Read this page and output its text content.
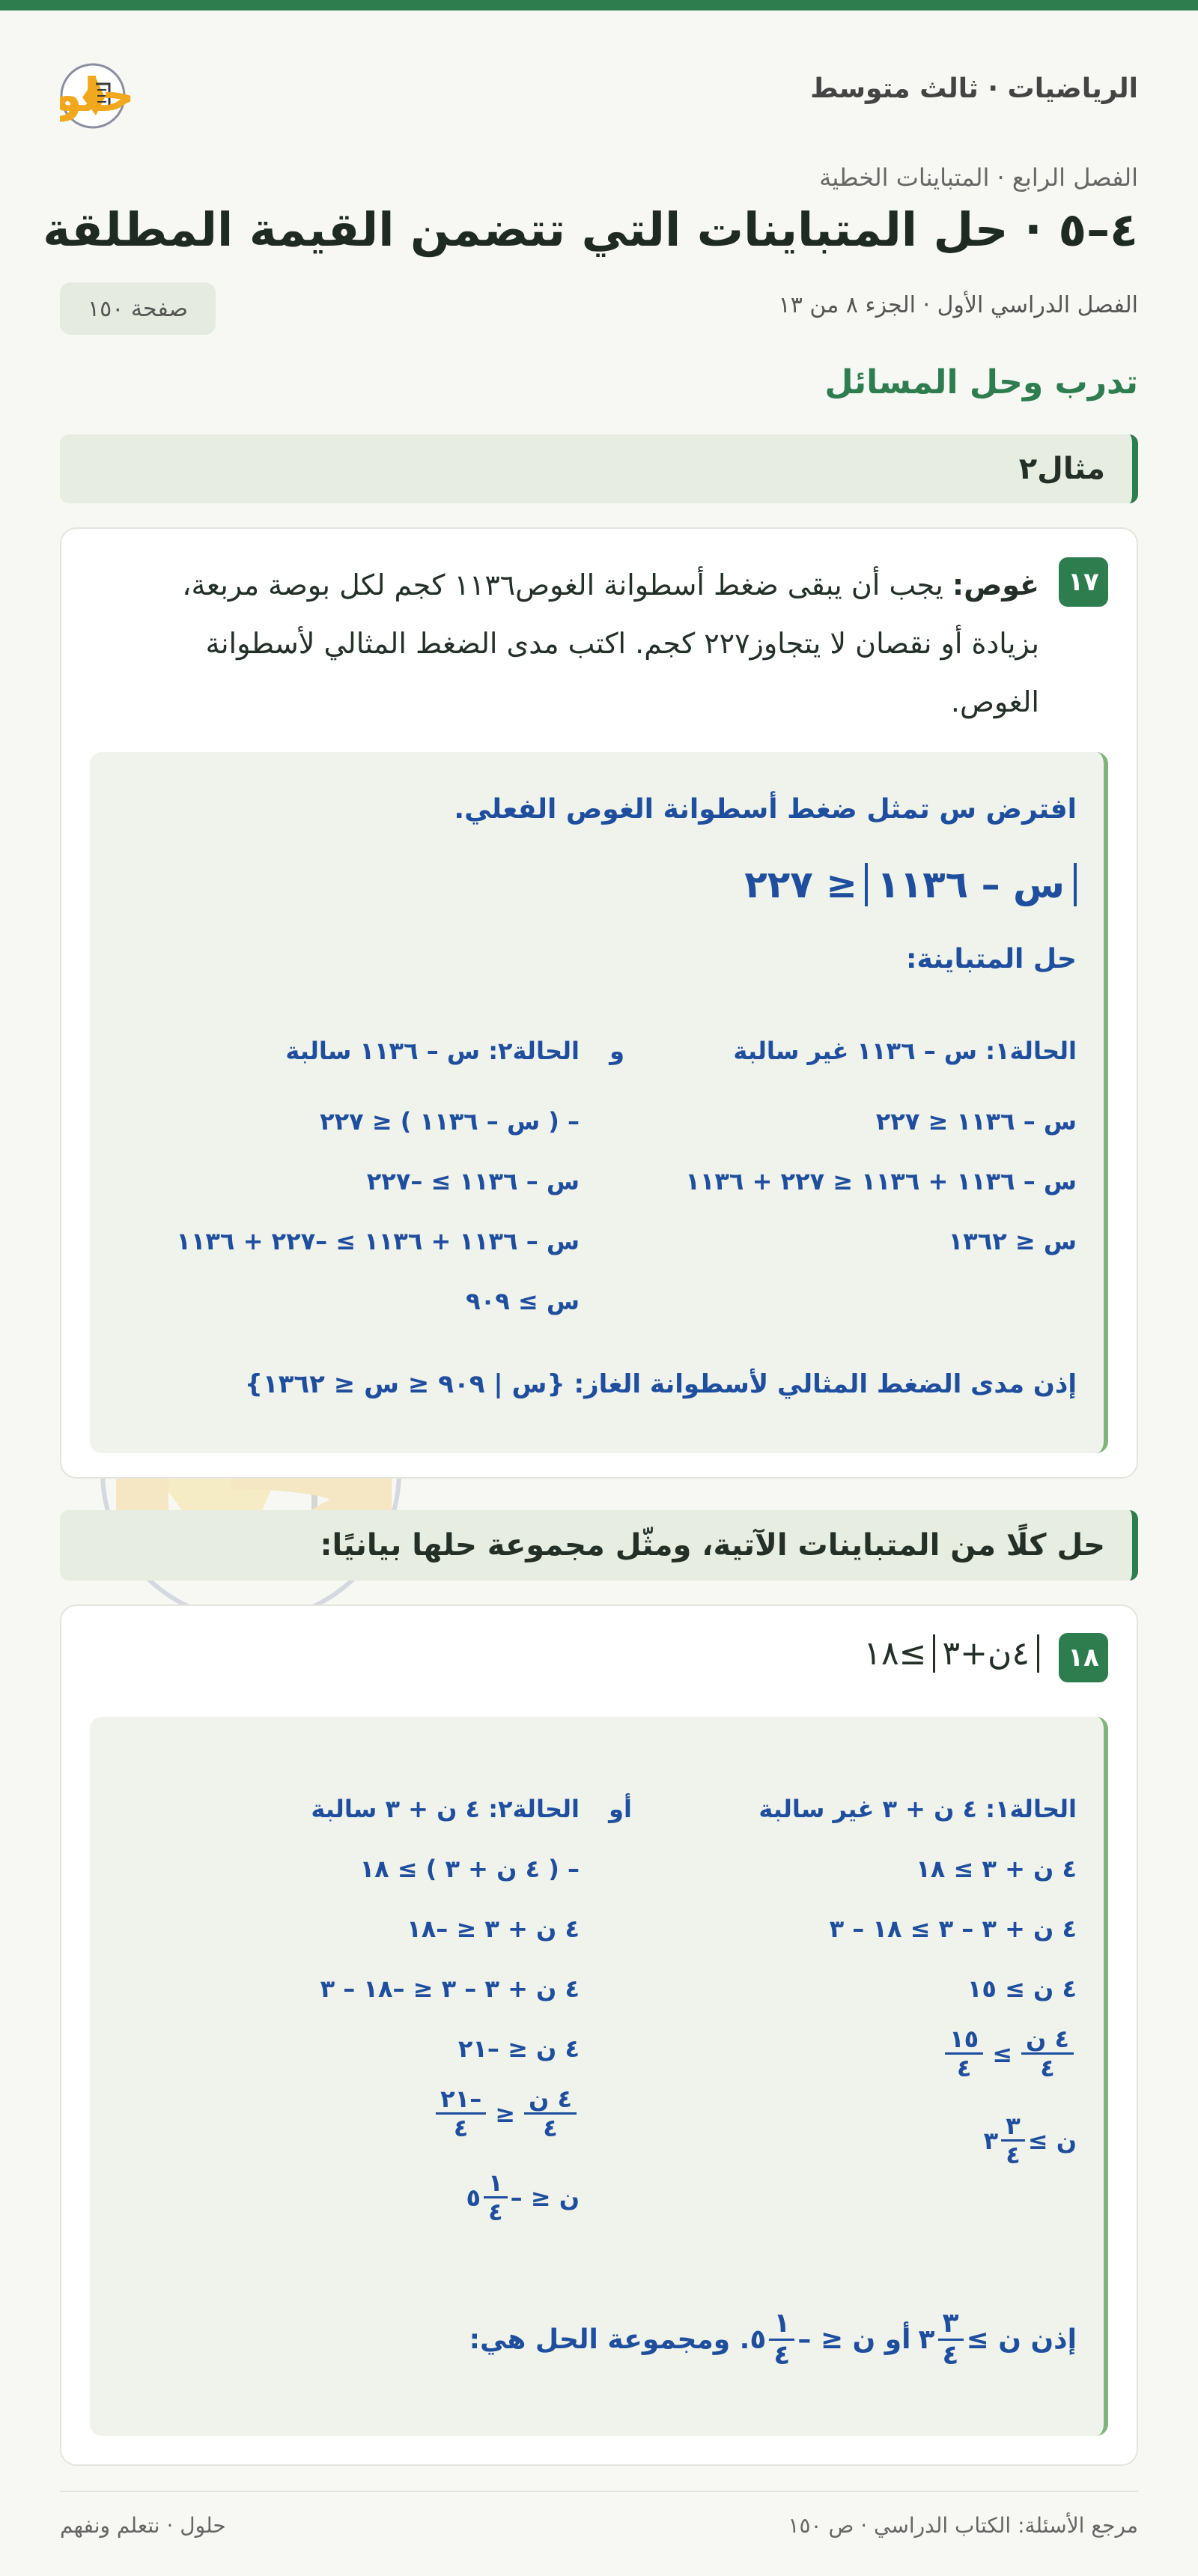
الرياضيات · ثالث متوسط
حلو
الفصل الرابع · المتباينات الخطية
٤–٥ · حل المتباينات التي تتضمن القيمة المطلقة
الفصل الدراسي الأول · الجزء ٨ من ١٣
صفحة ١٥٠
تدرب وحل المسائل
مثال٢
١٧
غوص: يجب أن يبقى ضغط أسطوانة الغوص١١٣٦ كجم لكل بوصة مربعة،
بزيادة أو نقصان لا يتجاوز٢٢٧ كجم. اكتب مدى الضغط المثالي لأسطوانة
الغوص.
افترض س تمثل ضغط أسطوانة الغوص الفعلي.
س – ١١٣٦
≤ ٢٢٧
حل المتباينة:
الحالة١: س – ١١٣٦ غير سالبة
و
الحالة٢: س – ١١٣٦ سالبة
س – ١١٣٦ ≤ ٢٢٧
س – ١١٣٦ + ١١٣٦ ≤ ٢٢٧ + ١١٣٦
س ≤ ١٣٦٢
– ( س – ١١٣٦ ) ≤ ٢٢٧
س – ١١٣٦ ≥ –٢٢٧
س – ١١٣٦ + ١١٣٦ ≥ –٢٢٧ + ١١٣٦
س ≥ ٩٠٩
إذن مدى الضغط المثالي لأسطوانة الغاز: {س | ٩٠٩ ≤ س ≤ ١٣٦٢}
حل كلًا من المتباينات الآتية، ومثّل مجموعة حلها بيانيًا:
١٨
٤ن+٣
≥١٨
الحالة١: ٤ ن + ٣ غير سالبة
أو
الحالة٢: ٤ ن + ٣ سالبة
٤ ن + ٣ ≥ ١٨
٤ ن + ٣ – ٣ ≥ ١٨ – ٣
٤ ن ≥ ١٥
$\frac{\text{٤ ن}}{٤}$
≥
$\frac{١٥}{٤}$
ن ≥
$\frac{٣}{٤}$
٣
– ( ٤ ن + ٣ ) ≥ ١٨
٤ ن + ٣ ≤ –١٨
٤ ن + ٣ – ٣ ≤ –١٨ – ٣
٤ ن ≤ –٢١
$\frac{\text{٤ ن}}{٤}$
≤
$\frac{-٢١}{٤}$
ن ≤ –
$\frac{١}{٤}$
٥
إذن ن ≥
$\frac{٣}{٤}$
٣
أو ن ≤ –
$\frac{١}{٤}$
٥
. ومجموعة الحل هي:
مرجع الأسئلة: الكتاب الدراسي · ص ١٥٠
حلول · نتعلم ونفهم
